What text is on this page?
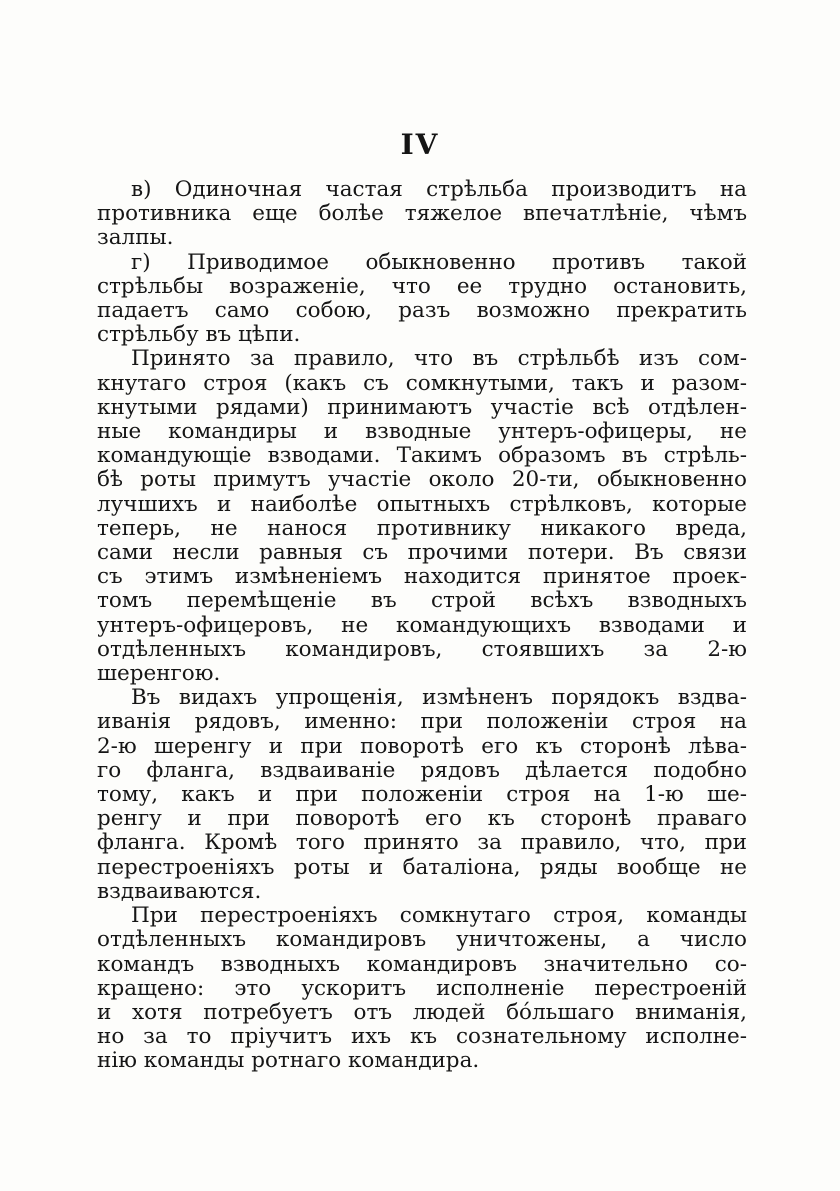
IV

в) Одиночная частая стрѣльба производитъ на
противника еще болѣе тяжелое впечатлѣнiе, чѣмъ
залпы.

г) Приводимое обыкновенно противъ такой
стрѣльбы возраженiе, что ее трудно остановить,
падаетъ само собою, разъ возможно прекратить
стрѣльбу въ цѣпи.

Принято за правило, что въ стрѣльбѣ изъ сом-
кнутаго строя (какъ съ сомкнутыми, такъ и разом-
кнутыми рядами) принимаютъ участiе всѣ отдѣлен-
ные командиры и взводные унтеръ-офицеры, не
командующiе взводами. Такимъ образомъ въ стрѣль-
бѣ роты примутъ участiе около 20-ти, обыкновенно
лучшихъ и наиболѣе опытныхъ стрѣлковъ, которые
теперь, не нанося противнику никакого вреда,
сами несли равныя съ прочими потери. Въ связи
съ этимъ измѣненiемъ находится принятое проек-
томъ перемѣщенiе въ строй всѣхъ взводныхъ
унтеръ-офицеровъ, не командующихъ взводами и
отдѣленныхъ командировъ, стоявшихъ за 2-ю
шеренгою.

Въ видахъ упрощенiя, измѣненъ порядокъ вздва-
иванiя рядовъ, именно: при положенiи строя на
2-ю шеренгу и при поворотѣ его къ сторонѣ лѣва-
го фланга, вздваиванiе рядовъ дѣлается подобно
тому, какъ и при положенiи строя на 1-ю ше-
ренгу и при поворотѣ его къ сторонѣ праваго
фланга. Кромѣ того принято за правило, что, при
перестроенiяхъ роты и баталiона, ряды вообще не
вздваиваются.

При перестроенiяхъ сомкнутаго строя, команды
отдѣленныхъ командировъ уничтожены, а число
командъ взводныхъ командировъ значительно со-
кращено: это ускоритъ исполненiе перестроенiй
и хотя потребуетъ отъ людей бóльшаго вниманiя,
но за то прiучитъ ихъ къ сознательному исполне-
нiю команды ротнаго командира.
